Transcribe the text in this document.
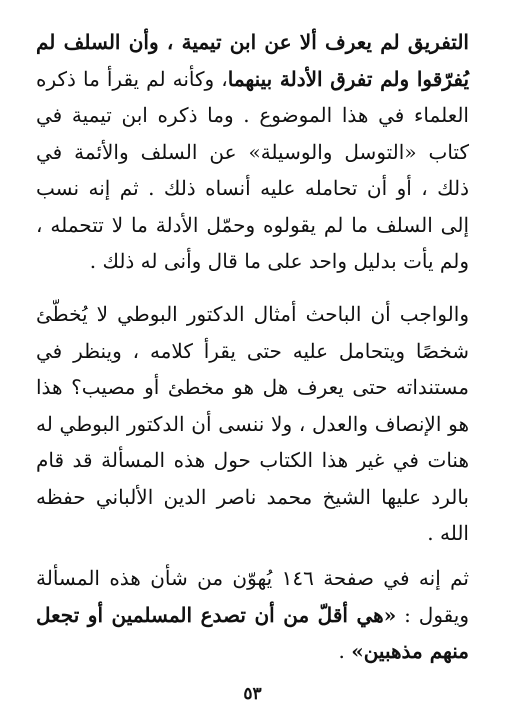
التفريق لم يعرف ألا عن ابن تيمية ، وأن السلف لم يُفرّقوا ولم تفرق الأدلة بينهما، وكأنه لم يقرأ ما ذكره العلماء في هذا الموضوع . وما ذكره ابن تيمية في كتاب «التوسل والوسيلة» عن السلف والأئمة في ذلك ، أو أن تحامله عليه أنساه ذلك . ثم إنه نسب إلى السلف ما لم يقولوه وحمّل الأدلة ما لا تتحمله ، ولم يأت بدليل واحد على ما قال وأنى له ذلك .

والواجب أن الباحث أمثال الدكتور البوطي لا يُخطّئ شخصًا ويتحامل عليه حتى يقرأ كلامه ، وينظر في مستنداته حتى يعرف هل هو مخطئ أو مصيب؟ هذا هو الإنصاف والعدل ، ولا ننسى أن الدكتور البوطي له هنات في غير هذا الكتاب حول هذه المسألة قد قام بالرد عليها الشيخ محمد ناصر الدين الألباني حفظه الله .

ثم إنه في صفحة ١٤٦ يُهوّن من شأن هذه المسألة ويقول : «هي أقلّ من أن تصدع المسلمين أو تجعل منهم مذهبين» .

٥٣
